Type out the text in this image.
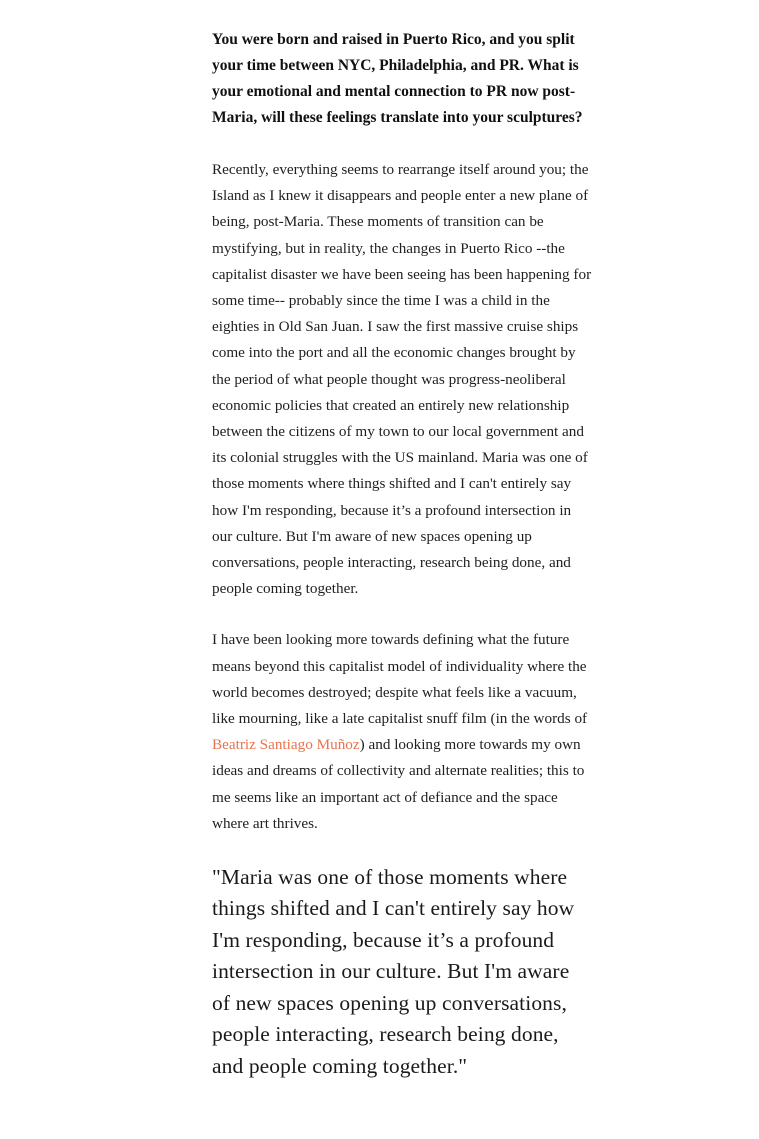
You were born and raised in Puerto Rico, and you split your time between NYC, Philadelphia, and PR. What is your emotional and mental connection to PR now post-Maria, will these feelings translate into your sculptures?

Recently, everything seems to rearrange itself around you; the Island as I knew it disappears and people enter a new plane of being, post-Maria. These moments of transition can be mystifying, but in reality, the changes in Puerto Rico --the capitalist disaster we have been seeing has been happening for some time-- probably since the time I was a child in the eighties in Old San Juan. I saw the first massive cruise ships come into the port and all the economic changes brought by the period of what people thought was progress-neoliberal economic policies that created an entirely new relationship between the citizens of my town to our local government and its colonial struggles with the US mainland. Maria was one of those moments where things shifted and I can't entirely say how I'm responding, because it’s a profound intersection in our culture. But I'm aware of new spaces opening up conversations, people interacting, research being done, and people coming together.

I have been looking more towards defining what the future means beyond this capitalist model of individuality where the world becomes destroyed; despite what feels like a vacuum, like mourning, like a late capitalist snuff film (in the words of Beatriz Santiago Muñoz) and looking more towards my own ideas and dreams of collectivity and alternate realities; this to me seems like an important act of defiance and the space where art thrives.

"Maria was one of those moments where things shifted and I can't entirely say how I'm responding, because it’s a profound intersection in our culture. But I'm aware of new spaces opening up conversations, people interacting, research being done, and people coming together."
